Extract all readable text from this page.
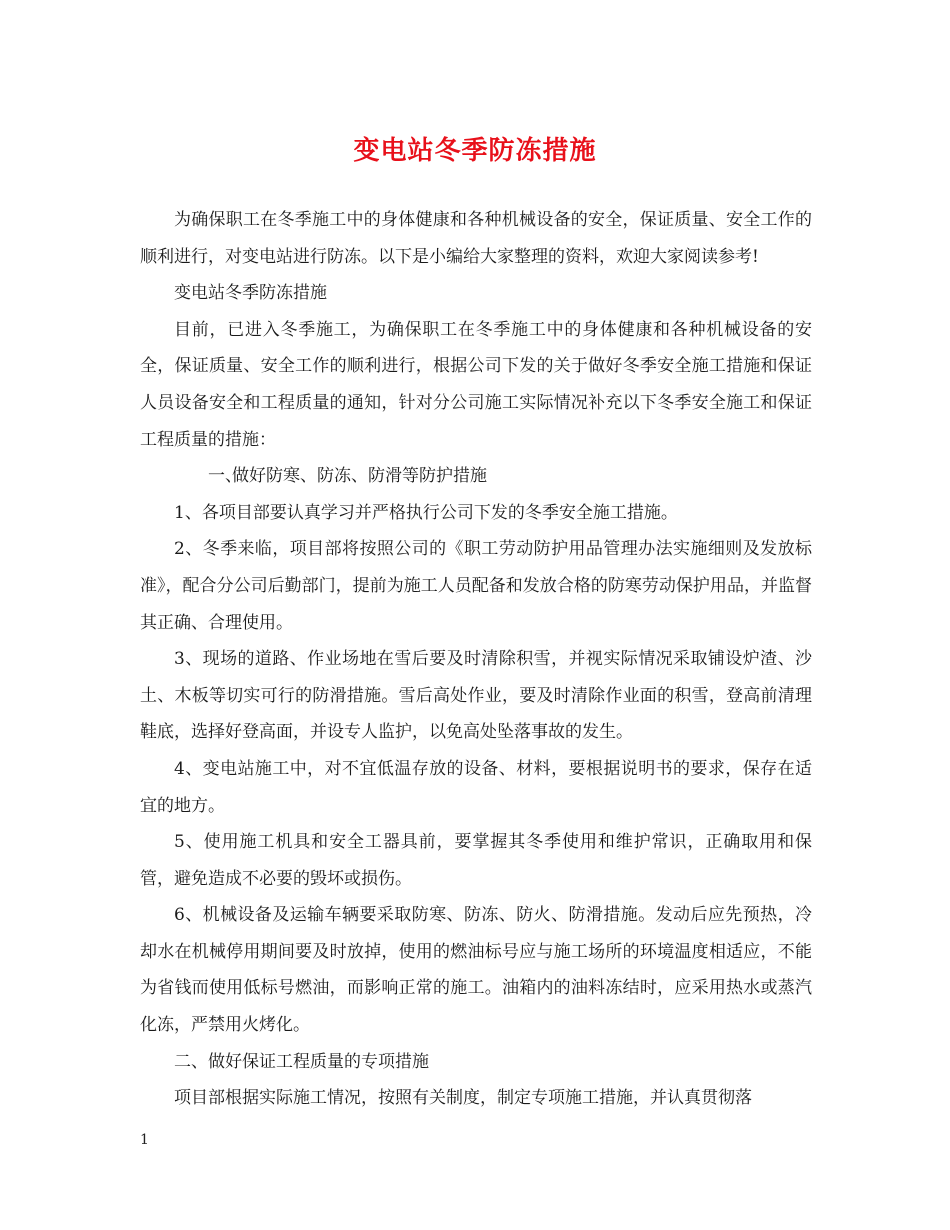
变电站冬季防冻措施

为确保职工在冬季施工中的身体健康和各种机械设备的安全，保证质量、安全工作的顺利进行，对变电站进行防冻。以下是小编给大家整理的资料，欢迎大家阅读参考!

变电站冬季防冻措施

目前，已进入冬季施工，为确保职工在冬季施工中的身体健康和各种机械设备的安全，保证质量、安全工作的顺利进行，根据公司下发的关于做好冬季安全施工措施和保证人员设备安全和工程质量的通知，针对分公司施工实际情况补充以下冬季安全施工和保证工程质量的措施：

一、做好防寒、防冻、防滑等防护措施

1、各项目部要认真学习并严格执行公司下发的冬季安全施工措施。

2、冬季来临，项目部将按照公司的《职工劳动防护用品管理办法实施细则及发放标准》，配合分公司后勤部门，提前为施工人员配备和发放合格的防寒劳动保护用品，并监督其正确、合理使用。

3、现场的道路、作业场地在雪后要及时清除积雪，并视实际情况采取铺设炉渣、沙土、木板等切实可行的防滑措施。雪后高处作业，要及时清除作业面的积雪，登高前清理鞋底，选择好登高面，并设专人监护，以免高处坠落事故的发生。

4、变电站施工中，对不宜低温存放的设备、材料，要根据说明书的要求，保存在适宜的地方。

5、使用施工机具和安全工器具前，要掌握其冬季使用和维护常识，正确取用和保管，避免造成不必要的毁坏或损伤。

6、机械设备及运输车辆要采取防寒、防冻、防火、防滑措施。发动后应先预热，冷却水在机械停用期间要及时放掉，使用的燃油标号应与施工场所的环境温度相适应，不能为省钱而使用低标号燃油，而影响正常的施工。油箱内的油料冻结时，应采用热水或蒸汽化冻，严禁用火烤化。

二、做好保证工程质量的专项措施

项目部根据实际施工情况，按照有关制度，制定专项施工措施，并认真贯彻落

1
